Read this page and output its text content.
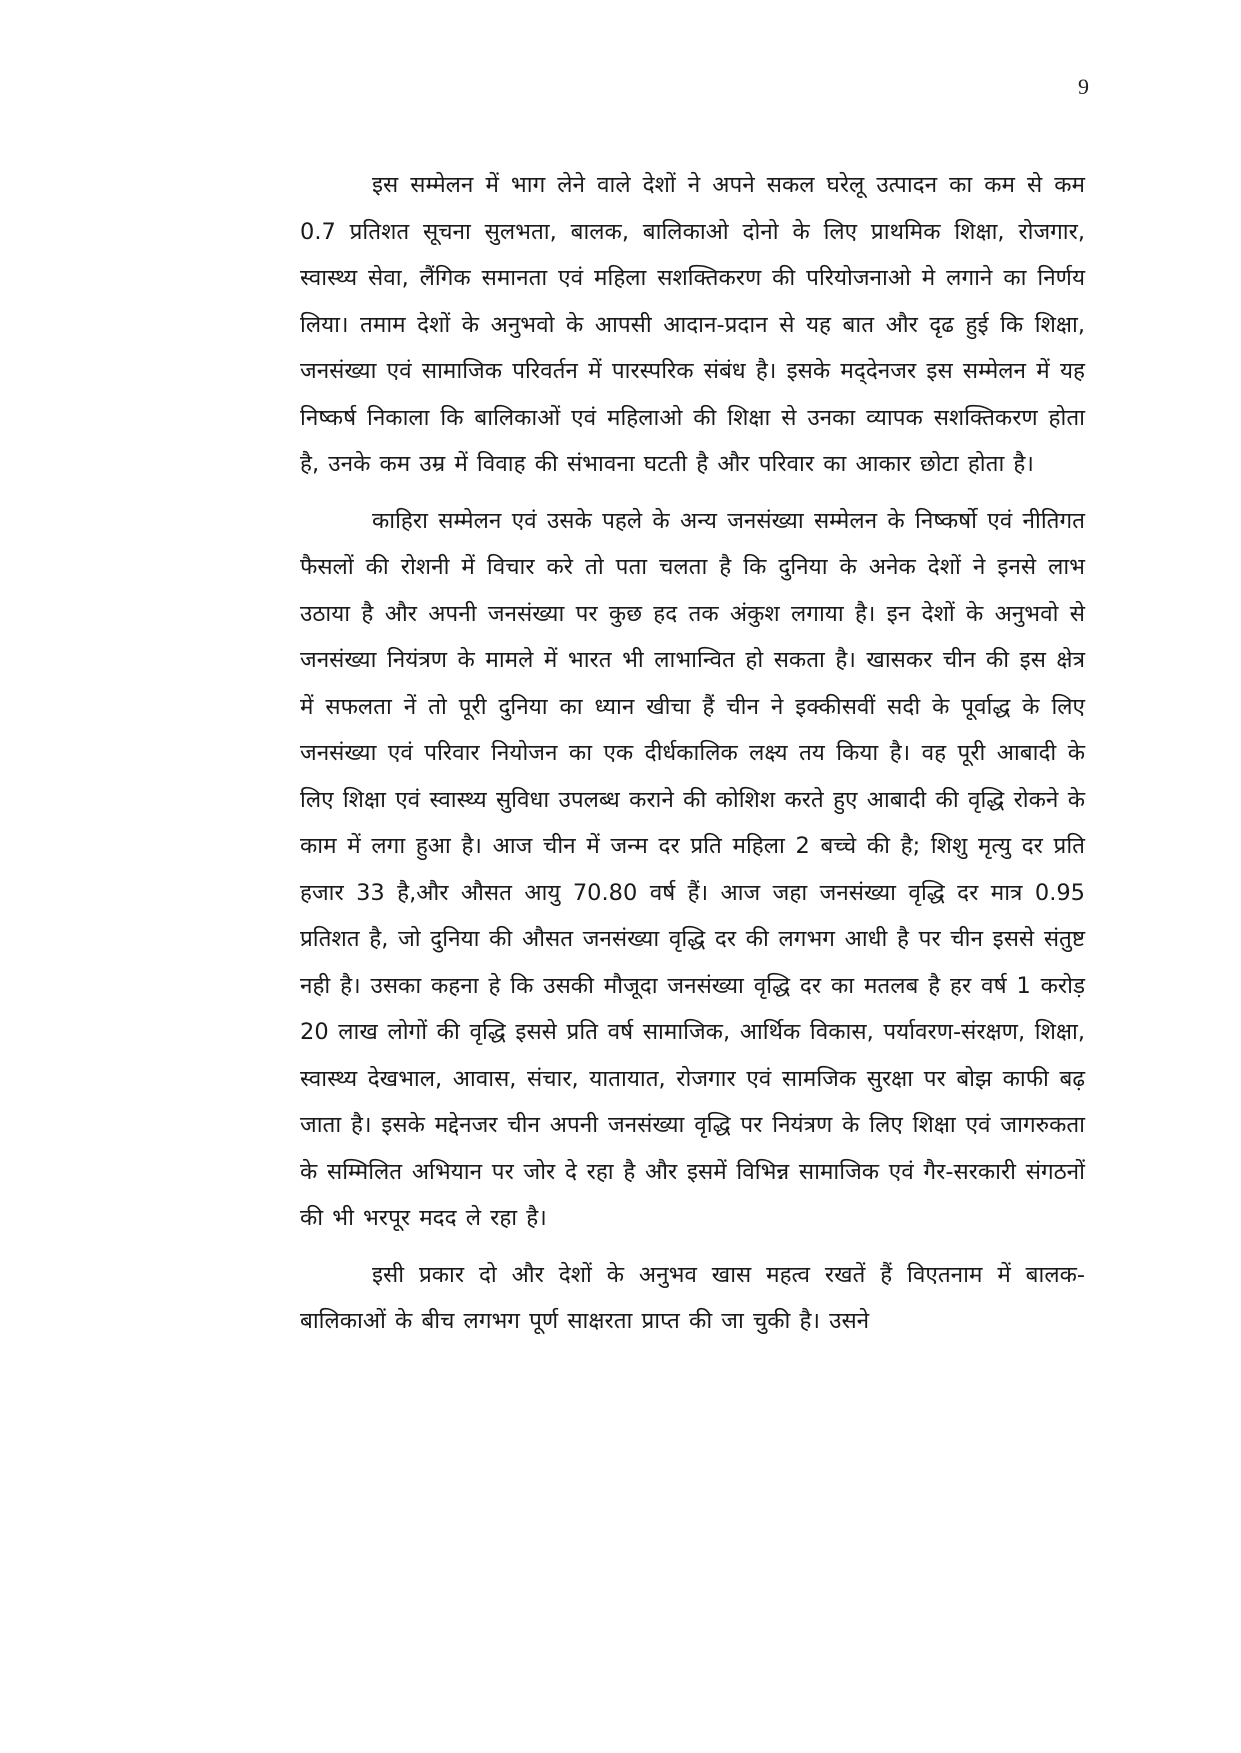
9

इस सम्मेलन में भाग लेने वाले देशों ने अपने सकल घरेलू उत्पादन का कम से कम 0.7 प्रतिशत सूचना सुलभता, बालक, बालिकाओ दोनो के लिए प्राथमिक शिक्षा, रोजगार, स्वास्थ्य सेवा, लैंगिक समानता एवं महिला सशक्तिकरण की परियोजनाओ मे लगाने का निर्णय लिया। तमाम देशों के अनुभवो के आपसी आदान-प्रदान से यह बात और दृढ हुई कि शिक्षा, जनसंख्या एवं सामाजिक परिवर्तन में पारस्परिक संबंध है। इसके मद्‌देनजर इस सम्मेलन में यह निष्कर्ष निकाला कि बालिकाओं एवं महिलाओ की शिक्षा से उनका व्यापक सशक्तिकरण होता है, उनके कम उम्र में विवाह की संभावना घटती है और परिवार का आकार छोटा होता है।

काहिरा सम्मेलन एवं उसके पहले के अन्य जनसंख्या सम्मेलन के निष्कर्षो एवं नीतिगत फैसलों की रोशनी में विचार करे तो पता चलता है कि दुनिया के अनेक देशों ने इनसे लाभ उठाया है और अपनी जनसंख्या पर कुछ हद तक अंकुश लगाया है। इन देशों के अनुभवो से जनसंख्या नियंत्रण के मामले में भारत भी लाभान्वित हो सकता है। खासकर चीन की इस क्षेत्र में सफलता नें तो पूरी दुनिया का ध्यान खीचा हैं चीन ने इक्कीसवीं सदी के पूर्वाद्ध के लिए जनसंख्या एवं परिवार नियोजन का एक दीर्धकालिक लक्ष्य तय किया है। वह पूरी आबादी के लिए शिक्षा एवं स्वास्थ्य सुविधा उपलब्ध कराने की कोशिश करते हुए आबादी की वृद्धि रोकने के काम में लगा हुआ है। आज चीन में जन्म दर प्रति महिला 2 बच्चे की है; शिशु मृत्यु दर प्रति हजार 33 है,और औसत आयु 70.80 वर्ष हैं। आज जहा जनसंख्या वृद्धि दर मात्र 0.95 प्रतिशत है, जो दुनिया की औसत जनसंख्या वृद्धि दर की लगभग आधी है पर चीन इससे संतुष्ट नही है। उसका कहना हे कि उसकी मौजूदा जनसंख्या वृद्धि दर का मतलब है हर वर्ष 1 करोड़ 20 लाख लोगों की वृद्धि इससे प्रति वर्ष सामाजिक, आर्थिक विकास, पर्यावरण-संरक्षण, शिक्षा, स्वास्थ्य देखभाल, आवास, संचार, यातायात, रोजगार एवं सामजिक सुरक्षा पर बोझ काफी बढ़ जाता है। इसके मद्देनजर चीन अपनी जनसंख्या वृद्धि पर नियंत्रण के लिए शिक्षा एवं जागरुकता के सम्मिलित अभियान पर जोर दे रहा है और इसमें विभिन्न सामाजिक एवं गैर-सरकारी संगठनों की भी भरपूर मदद ले रहा है।

इसी प्रकार दो और देशों के अनुभव खास महत्व रखतें हैं विएतनाम में बालक-बालिकाओं के बीच लगभग पूर्ण साक्षरता प्राप्त की जा चुकी है। उसने
